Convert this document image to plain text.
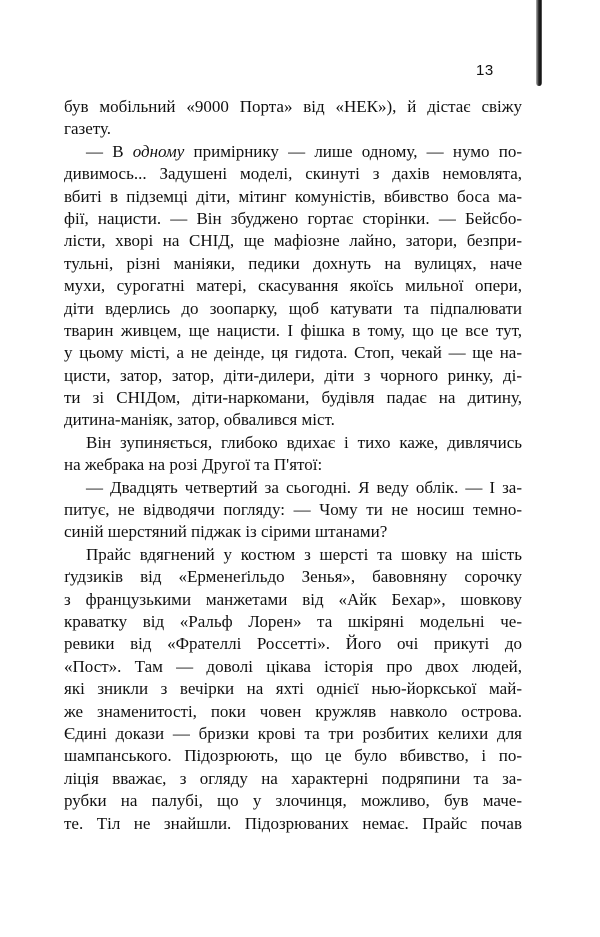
13
був мобільний «9000 Порта» від «НЕК»), й дістає свіжу
газету.
— В одному примірнику — лише одному, — нумо по-
дивимось... Задушені моделі, скинуті з дахів немовлята,
вбиті в підземці діти, мітинг комуністів, вбивство боса ма-
фії, нацисти. — Він збуджено гортає сторінки. — Бейсбо-
лісти, хворі на СНІД, ще мафіозне лайно, затори, безпри-
тульні, різні маніяки, педики дохнуть на вулицях, наче
мухи, сурогатні матері, скасування якоїсь мильної опери,
діти вдерлись до зоопарку, щоб катувати та підпалювати
тварин живцем, ще нацисти. І фішка в тому, що це все тут,
у цьому місті, а не деінде, ця гидота. Стоп, чекай — ще на-
цисти, затор, затор, діти-дилери, діти з чорного ринку, ді-
ти зі СНІДом, діти-наркомани, будівля падає на дитину,
дитина-маніяк, затор, обвалився міст.
Він зупиняється, глибоко вдихає і тихо каже, дивлячись
на жебрака на розі Другої та П'ятої:
— Двадцять четвертий за сьогодні. Я веду облік. — І за-
питує, не відводячи погляду: — Чому ти не носиш темно-
синій шерстяний піджак із сірими штанами?
Прайс вдягнений у костюм з шерсті та шовку на шість
ґудзиків від «Ерменеґільдо Зенья», бавовняну сорочку
з французькими манжетами від «Айк Бехар», шовкову
краватку від «Ральф Лорен» та шкіряні модельні че-
ревики від «Фрателлі Россетті». Його очі прикуті до
«Пост». Там — доволі цікава історія про двох людей,
які зникли з вечірки на яхті однієї нью-йоркської май-
же знаменитості, поки човен кружляв навколо острова.
Єдині докази — бризки крові та три розбитих келихи для
шампанського. Підозрюють, що це було вбивство, і по-
ліція вважає, з огляду на характерні подряпини та за-
рубки на палубі, що у злочинця, можливо, був маче-
те. Тіл не знайшли. Підозрюваних немає. Прайс почав
